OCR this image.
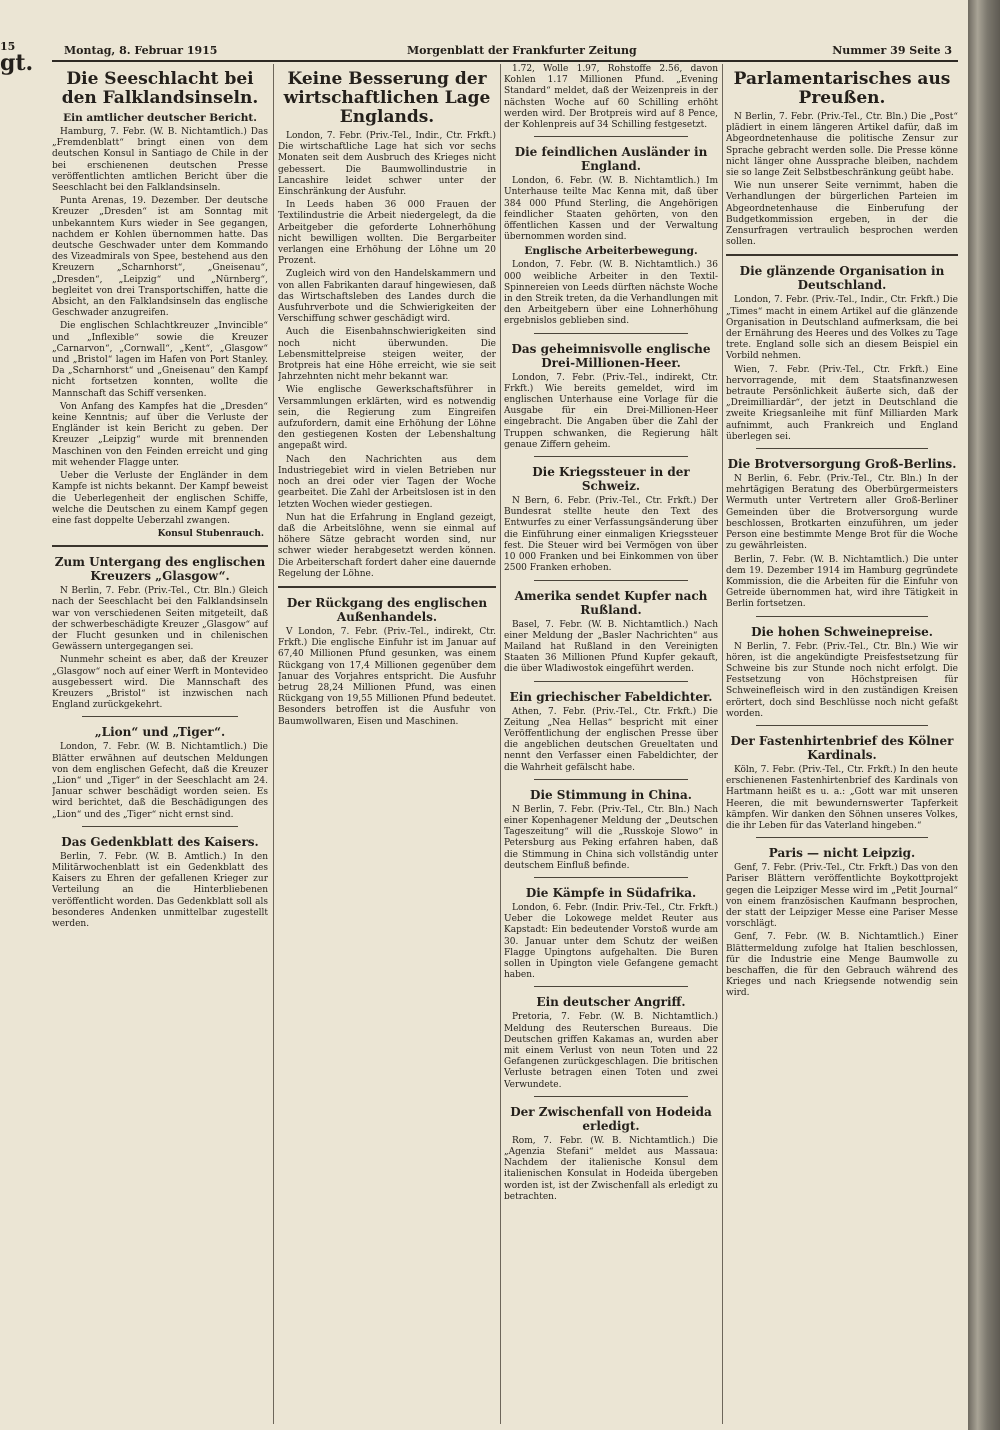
15
gt.	Montag, 8. Februar 1915	Morgenblatt der Frankfurter Zeitung	Nummer 39 Seite 3
Die Seeschlacht bei den Falklandsinseln.
Ein amtlicher deutscher Bericht.

Hamburg, 7. Febr. (W. B. Nichtamtlich.) Das „Fremdenblatt“ bringt einen von dem deutschen Konsul in Santiago de Chile in der bei erschienenen deutschen Presse veröffentlichten amtlichen Bericht über die Seeschlacht bei den Falklandsinseln.

Punta Arenas, 19. Dezember. Der deutsche Kreuzer „Dresden“ ist am Sonntag mit unbekanntem Kurs wieder in See gegangen, nachdem er Kohlen übernommen hatte. Das deutsche Geschwader unter dem Kommando des Vizeadmirals von Spee, bestehend aus den Kreuzern „Scharnhorst“, „Gneisenau“, „Dresden“, „Leipzig“ und „Nürnberg“, begleitet von drei Transportschiffen, hatte die Absicht, an den Falklandsinseln das englische Geschwader anzugreifen.

Die englischen Schlachtkreuzer „Invincible“ und „Inflexible“ sowie die Kreuzer „Carnarvon“, „Cornwall“, „Kent“, „Glasgow“ und „Bristol“ lagen im Hafen von Port Stanley. Da „Scharnhorst“ und „Gneisenau“ den Kampf nicht fortsetzen konnten, wollte die Mannschaft das Schiff versenken.

Von Anfang des Kampfes hat die „Dresden“ keine Kenntnis; auf über die Verluste der Engländer ist kein Bericht zu geben. Der Kreuzer „Leipzig“ wurde mit brennenden Maschinen von den Feinden erreicht und ging mit wehender Flagge unter.

Ueber die Verluste der Engländer in dem Kampfe ist nichts bekannt. Der Kampf beweist die Ueberlegenheit der englischen Schiffe, welche die Deutschen zu einem Kampf gegen eine fast doppelte Ueberzahl zwangen.

Konsul Stubenrauch.
Zum Untergang des englischen Kreuzers „Glasgow“.

N Berlin, 7. Febr. (Priv.-Tel., Ctr. Bln.) Gleich nach der Seeschlacht bei den Falklandsinseln war von verschiedenen Seiten mitgeteilt, daß der schwerbeschädigte Kreuzer „Glasgow“ auf der Flucht gesunken und in chilenischen Gewässern untergegangen sei.

Nunmehr scheint es aber, daß der Kreuzer „Glasgow“ noch auf einer Werft in Montevideo ausgebessert wird. Die Mannschaft des Kreuzers „Bristol“ ist inzwischen nach England zurückgekehrt.

„Lion“ und „Tiger“.

London, 7. Febr. (W. B. Nichtamtlich.) Die Blätter erwähnen auf deutschen Meldungen von dem englischen Gefecht, daß die Kreuzer „Lion“ und „Tiger“ in der Seeschlacht am 24. Januar schwer beschädigt worden seien. Es wird berichtet, daß die Beschädigungen des „Lion“ und des „Tiger“ nicht ernst sind.

Das Gedenkblatt des Kaisers.

Berlin, 7. Febr. (W. B. Amtlich.) In den Militärwochenblatt ist ein Gedenkblatt des Kaisers zu Ehren der gefallenen Krieger zur Verteilung an die Hinterbliebenen veröffentlicht worden. Das Gedenkblatt soll als besonderes Andenken unmittelbar zugestellt werden.

Keine Besserung der wirtschaftlichen Lage Englands.

London, 7. Febr. (Priv.-Tel., Indir., Ctr. Frkft.) Die wirtschaftliche Lage hat sich vor sechs Monaten seit dem Ausbruch des Krieges nicht gebessert. Die Baumwollindustrie in Lancashire leidet schwer unter der Einschränkung der Ausfuhr.

In Leeds haben 36 000 Frauen der Textilindustrie die Arbeit niedergelegt, da die Arbeitgeber die geforderte Lohnerhöhung nicht bewilligen wollten. Die Bergarbeiter verlangen eine Erhöhung der Löhne um 20 Prozent.

Zugleich wird von den Handelskammern und von allen Fabrikanten darauf hingewiesen, daß das Wirtschaftsleben des Landes durch die Ausfuhrverbote und die Schwierigkeiten der Verschiffung schwer geschädigt wird.

Auch die Eisenbahnschwierigkeiten sind noch nicht überwunden. Die Lebensmittelpreise steigen weiter, der Brotpreis hat eine Höhe erreicht, wie sie seit Jahrzehnten nicht mehr bekannt war.

Wie englische Gewerkschaftsführer in Versammlungen erklärten, wird es notwendig sein, die Regierung zum Eingreifen aufzufordern, damit eine Erhöhung der Löhne den gestiegenen Kosten der Lebenshaltung angepaßt wird.

Nach den Nachrichten aus dem Industriegebiet wird in vielen Betrieben nur noch an drei oder vier Tagen der Woche gearbeitet. Die Zahl der Arbeitslosen ist in den letzten Wochen wieder gestiegen.

Nun hat die Erfahrung in England gezeigt, daß die Arbeitslöhne, wenn sie einmal auf höhere Sätze gebracht worden sind, nur schwer wieder herabgesetzt werden können. Die Arbeiterschaft fordert daher eine dauernde Regelung der Löhne.

Der Rückgang des englischen Außenhandels.

V London, 7. Febr. (Priv.-Tel., indirekt, Ctr. Frkft.) Die englische Einfuhr ist im Januar auf 67,40 Millionen Pfund gesunken, was einem Rückgang von 17,4 Millionen gegenüber dem Januar des Vorjahres entspricht. Die Ausfuhr betrug 28,24 Millionen Pfund, was einen Rückgang von 19,55 Millionen Pfund bedeutet. Besonders betroffen ist die Ausfuhr von Baumwollwaren, Eisen und Maschinen.

1.72, Wolle 1.97, Rohstoffe 2.56, davon Kohlen 1.17 Millionen Pfund. „Evening Standard“ meldet, daß der Weizenpreis in der nächsten Woche auf 60 Schilling erhöht werden wird. Der Brotpreis wird auf 8 Pence, der Kohlenpreis auf 34 Schilling festgesetzt.

Die feindlichen Ausländer in England.

London, 6. Febr. (W. B. Nichtamtlich.) Im Unterhause teilte Mac Kenna mit, daß über 384 000 Pfund Sterling, die Angehörigen feindlicher Staaten gehörten, von den öffentlichen Kassen und der Verwaltung übernommen worden sind.

Englische Arbeiterbewegung.

London, 7. Febr. (W. B. Nichtamtlich.) 36 000 weibliche Arbeiter in den Textil-Spinnereien von Leeds dürften nächste Woche in den Streik treten, da die Verhandlungen mit den Arbeitgebern über eine Lohnerhöhung ergebnislos geblieben sind.

Das geheimnisvolle englische Drei-Millionen-Heer.

London, 7. Febr. (Priv.-Tel., indirekt, Ctr. Frkft.) Wie bereits gemeldet, wird im englischen Unterhause eine Vorlage für die Ausgabe für ein Drei-Millionen-Heer eingebracht. Die Angaben über die Zahl der Truppen schwanken, die Regierung hält genaue Ziffern geheim.

Die Kriegssteuer in der Schweiz.

N Bern, 6. Febr. (Priv.-Tel., Ctr. Frkft.) Der Bundesrat stellte heute den Text des Entwurfes zu einer Verfassungsänderung über die Einführung einer einmaligen Kriegssteuer fest. Die Steuer wird bei Vermögen von über 10 000 Franken und bei Einkommen von über 2500 Franken erhoben.

Amerika sendet Kupfer nach Rußland.

Basel, 7. Febr. (W. B. Nichtamtlich.) Nach einer Meldung der „Basler Nachrichten“ aus Mailand hat Rußland in den Vereinigten Staaten 36 Millionen Pfund Kupfer gekauft, die über Wladiwostok eingeführt werden.

Ein griechischer Fabeldichter.

Athen, 7. Febr. (Priv.-Tel., Ctr. Frkft.) Die Zeitung „Nea Hellas“ bespricht mit einer Veröffentlichung der englischen Presse über die angeblichen deutschen Greueltaten und nennt den Verfasser einen Fabeldichter, der die Wahrheit gefälscht habe.

Die Stimmung in China.

N Berlin, 7. Febr. (Priv.-Tel., Ctr. Bln.) Nach einer Kopenhagener Meldung der „Deutschen Tageszeitung“ will die „Russkoje Slowo“ in Petersburg aus Peking erfahren haben, daß die Stimmung in China sich vollständig unter deutschem Einfluß befinde.

Die Kämpfe in Südafrika.

London, 6. Febr. (Indir. Priv.-Tel., Ctr. Frkft.) Ueber die Lokowege meldet Reuter aus Kapstadt: Ein bedeutender Vorstoß wurde am 30. Januar unter dem Schutz der weißen Flagge Upingtons aufgehalten. Die Buren sollen in Upington viele Gefangene gemacht haben.

Ein deutscher Angriff.

Pretoria, 7. Febr. (W. B. Nichtamtlich.) Meldung des Reuterschen Bureaus. Die Deutschen griffen Kakamas an, wurden aber mit einem Verlust von neun Toten und 22 Gefangenen zurückgeschlagen. Die britischen Verluste betragen einen Toten und zwei Verwundete.

Der Zwischenfall von Hodeida erledigt.

Rom, 7. Febr. (W. B. Nichtamtlich.) Die „Agenzia Stefani“ meldet aus Massaua: Nachdem der italienische Konsul dem italienischen Konsulat in Hodeida übergeben worden ist, ist der Zwischenfall als erledigt zu betrachten.

Parlamentarisches aus Preußen.

N Berlin, 7. Febr. (Priv.-Tel., Ctr. Bln.) Die „Post“ plädiert in einem längeren Artikel dafür, daß im Abgeordnetenhause die politische Zensur zur Sprache gebracht werden solle. Die Presse könne nicht länger ohne Aussprache bleiben, nachdem sie so lange Zeit Selbstbeschränkung geübt habe.

Wie nun unserer Seite vernimmt, haben die Verhandlungen der bürgerlichen Parteien im Abgeordnetenhause die Einberufung der Budgetkommission ergeben, in der die Zensurfragen vertraulich besprochen werden sollen.

Die glänzende Organisation in Deutschland.

London, 7. Febr. (Priv.-Tel., Indir., Ctr. Frkft.) Die „Times“ macht in einem Artikel auf die glänzende Organisation in Deutschland aufmerksam, die bei der Ernährung des Heeres und des Volkes zu Tage trete. England solle sich an diesem Beispiel ein Vorbild nehmen.

Wien, 7. Febr. (Priv.-Tel., Ctr. Frkft.) Eine hervorragende, mit dem Staatsfinanzwesen betraute Persönlichkeit äußerte sich, daß der „Dreimilliardär“, der jetzt in Deutschland die zweite Kriegsanleihe mit fünf Milliarden Mark aufnimmt, auch Frankreich und England überlegen sei.

Die Brotversorgung Groß-Berlins.

N Berlin, 6. Febr. (Priv.-Tel., Ctr. Bln.) In der mehrtägigen Beratung des Oberbürgermeisters Wermuth unter Vertretern aller Groß-Berliner Gemeinden über die Brotversorgung wurde beschlossen, Brotkarten einzuführen, um jeder Person eine bestimmte Menge Brot für die Woche zu gewährleisten.

Berlin, 7. Febr. (W. B. Nichtamtlich.) Die unter dem 19. Dezember 1914 im Hamburg gegründete Kommission, die die Arbeiten für die Einfuhr von Getreide übernommen hat, wird ihre Tätigkeit in Berlin fortsetzen.

Die hohen Schweinepreise.

N Berlin, 7. Febr. (Priv.-Tel., Ctr. Bln.) Wie wir hören, ist die angekündigte Preisfestsetzung für Schweine bis zur Stunde noch nicht erfolgt. Die Festsetzung von Höchstpreisen für Schweinefleisch wird in den zuständigen Kreisen erörtert, doch sind Beschlüsse noch nicht gefaßt worden.

Der Fastenhirtenbrief des Kölner Kardinals.

Köln, 7. Febr. (Priv.-Tel., Ctr. Frkft.) In den heute erschienenen Fastenhirtenbrief des Kardinals von Hartmann heißt es u. a.: „Gott war mit unseren Heeren, die mit bewundernswerter Tapferkeit kämpfen. Wir danken den Söhnen unseres Volkes, die ihr Leben für das Vaterland hingeben.“

Paris — nicht Leipzig.

Genf, 7. Febr. (Priv.-Tel., Ctr. Frkft.) Das von den Pariser Blättern veröffentlichte Boykottprojekt gegen die Leipziger Messe wird im „Petit Journal“ von einem französischen Kaufmann besprochen, der statt der Leipziger Messe eine Pariser Messe vorschlägt.

Genf, 7. Febr. (W. B. Nichtamtlich.) Einer Blättermeldung zufolge hat Italien beschlossen, für die Industrie eine Menge Baumwolle zu beschaffen, die für den Gebrauch während des Krieges und nach Kriegsende notwendig sein wird.
